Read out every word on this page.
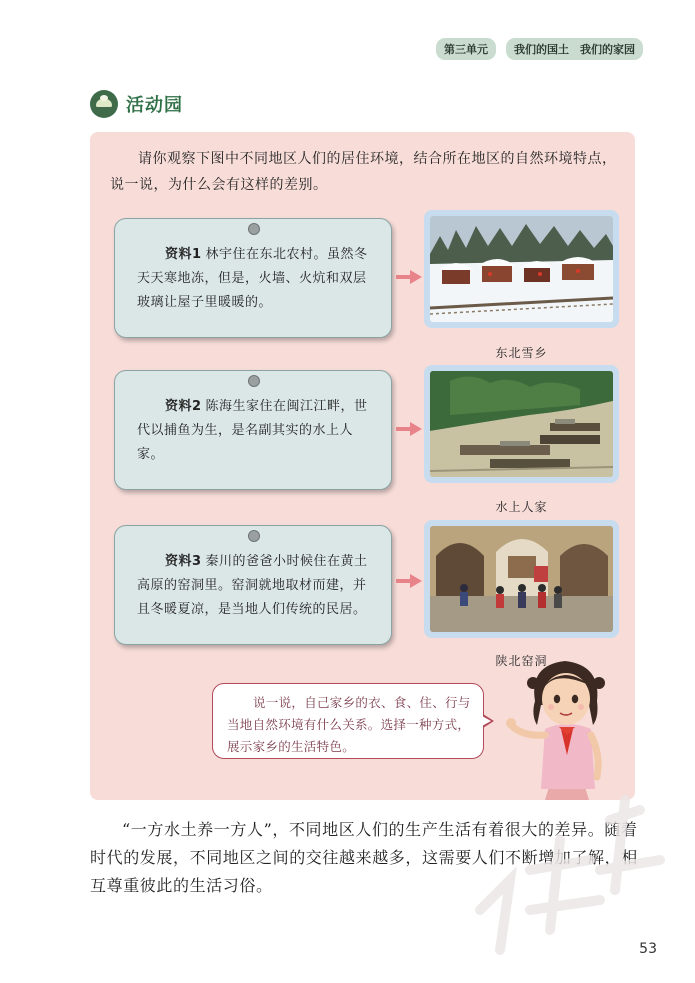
第三单元	我们的国土　我们的家园
活动园

请你观察下图中不同地区人们的居住环境，结合所在地区的自然环境特点，说一说，为什么会有这样的差别。

资料1 林宇住在东北农村。虽然冬天天寒地冻，但是，火墙、火炕和双层玻璃让屋子里暖暖的。
东北雪乡
资料2 陈海生家住在闽江江畔，世代以捕鱼为生，是名副其实的水上人家。
水上人家
资料3 秦川的爸爸小时候住在黄土高原的窑洞里。窑洞就地取材而建，并且冬暖夏凉，是当地人们传统的民居。
陕北窑洞

说一说，自己家乡的衣、食、住、行与当地自然环境有什么关系。选择一种方式，展示家乡的生活特色。

“一方水土养一方人”，不同地区人们的生产生活有着很大的差异。随着时代的发展，不同地区之间的交往越来越多，这需要人们不断增加了解，相互尊重彼此的生活习俗。

53
